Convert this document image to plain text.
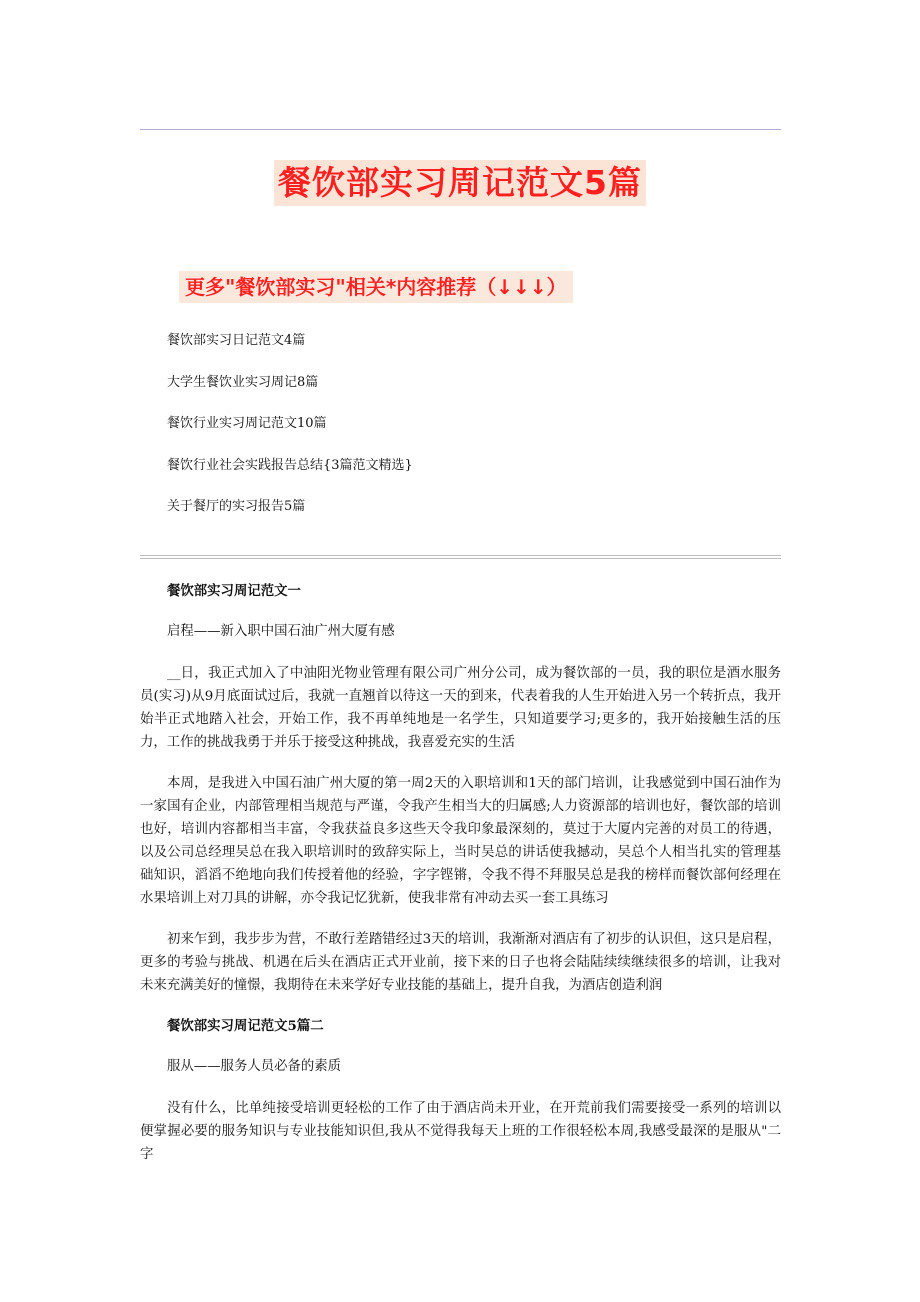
餐饮部实习周记范文5篇
更多"餐饮部实习"相关*内容推荐（↓↓↓）
餐饮部实习日记范文4篇
大学生餐饮业实习周记8篇
餐饮行业实习周记范文10篇
餐饮行业社会实践报告总结{3篇范文精选}
关于餐厅的实习报告5篇

餐饮部实习周记范文一

启程——新入职中国石油广州大厦有感

__日，我正式加入了中油阳光物业管理有限公司广州分公司，成为餐饮部的一员，我的职位是酒水服务员(实习)从9月底面试过后，我就一直翘首以待这一天的到来，代表着我的人生开始进入另一个转折点，我开始半正式地踏入社会，开始工作，我不再单纯地是一名学生，只知道要学习;更多的，我开始接触生活的压力，工作的挑战我勇于并乐于接受这种挑战，我喜爱充实的生活

本周，是我进入中国石油广州大厦的第一周2天的入职培训和1天的部门培训，让我感觉到中国石油作为一家国有企业，内部管理相当规范与严谨，令我产生相当大的归属感;人力资源部的培训也好，餐饮部的培训也好，培训内容都相当丰富，令我获益良多这些天令我印象最深刻的，莫过于大厦内完善的对员工的待遇，以及公司总经理吴总在我入职培训时的致辞实际上，当时吴总的讲话使我撼动，吴总个人相当扎实的管理基础知识，滔滔不绝地向我们传授着他的经验，字字铿锵，令我不得不拜服吴总是我的榜样而餐饮部何经理在水果培训上对刀具的讲解，亦令我记忆犹新，使我非常有冲动去买一套工具练习

初来乍到，我步步为营，不敢行差踏错经过3天的培训，我渐渐对酒店有了初步的认识但，这只是启程，更多的考验与挑战、机遇在后头在酒店正式开业前，接下来的日子也将会陆陆续续继续很多的培训，让我对未来充满美好的憧憬，我期待在未来学好专业技能的基础上，提升自我，为酒店创造利润

餐饮部实习周记范文5篇二

服从——服务人员必备的素质

没有什么，比单纯接受培训更轻松的工作了由于酒店尚未开业，在开荒前我们需要接受一系列的培训以便掌握必要的服务知识与专业技能知识但,我从不觉得我每天上班的工作很轻松本周,我感受最深的是服从"二字
